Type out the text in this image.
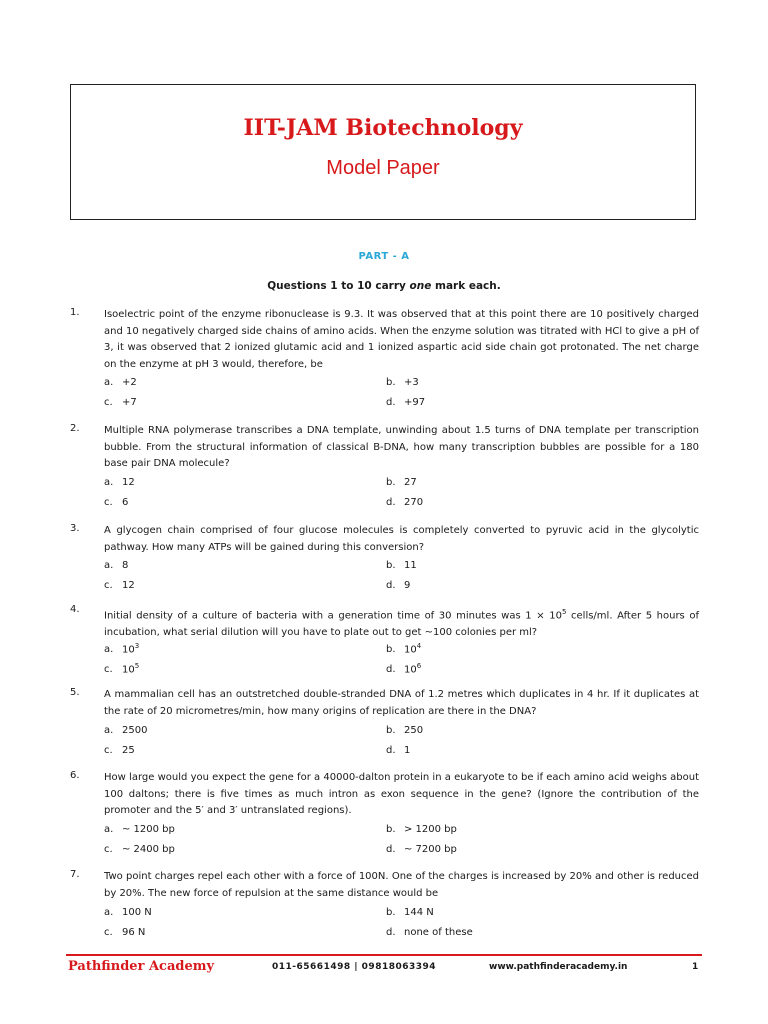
IIT-JAM Biotechnology
Model Paper
PART - A
Questions 1 to 10 carry one mark each.
1. Isoelectric point of the enzyme ribonuclease is 9.3. It was observed that at this point there are 10 positively charged and 10 negatively charged side chains of amino acids. When the enzyme solution was titrated with HCl to give a pH of 3, it was observed that 2 ionized glutamic acid and 1 ionized aspartic acid side chain got protonated. The net charge on the enzyme at pH 3 would, therefore, be
a. +2	b. +3
c. +7	d. +97
2. Multiple RNA polymerase transcribes a DNA template, unwinding about 1.5 turns of DNA template per transcription bubble. From the structural information of classical B-DNA, how many transcription bubbles are possible for a 180 base pair DNA molecule?
a. 12	b. 27
c. 6	d. 270
3. A glycogen chain comprised of four glucose molecules is completely converted to pyruvic acid in the glycolytic pathway. How many ATPs will be gained during this conversion?
a. 8	b. 11
c. 12	d. 9
4.
Initial density of a culture of bacteria with a generation time of 30 minutes was $1 \times 10^5$ cells/ml. After 5 hours of incubation, what serial dilution will you have to plate out to get ~100 colonies per ml?
a. $10^3$	b. $10^4$
c. $10^5$	d. $10^6$
5. A mammalian cell has an outstretched double-stranded DNA of 1.2 metres which duplicates in 4 hr. If it duplicates at the rate of 20 micrometres/min, how many origins of replication are there in the DNA?
a. 2500	b. 250
c. 25	d. 1
6. How large would you expect the gene for a 40000-dalton protein in a eukaryote to be if each amino acid weighs about 100 daltons; there is five times as much intron as exon sequence in the gene? (Ignore the contribution of the promoter and the 5′ and 3′ untranslated regions).
a. ~ 1200 bp	b. > 1200 bp
c. ~ 2400 bp	d. ~ 7200 bp
7. Two point charges repel each other with a force of 100N. One of the charges is increased by 20% and other is reduced by 20%. The new force of repulsion at the same distance would be
a. 100 N	b. 144 N
c. 96 N	d. none of these
Pathfinder Academy	011-65661498 | 09818063394	www.pathfinderacademy.in	1
